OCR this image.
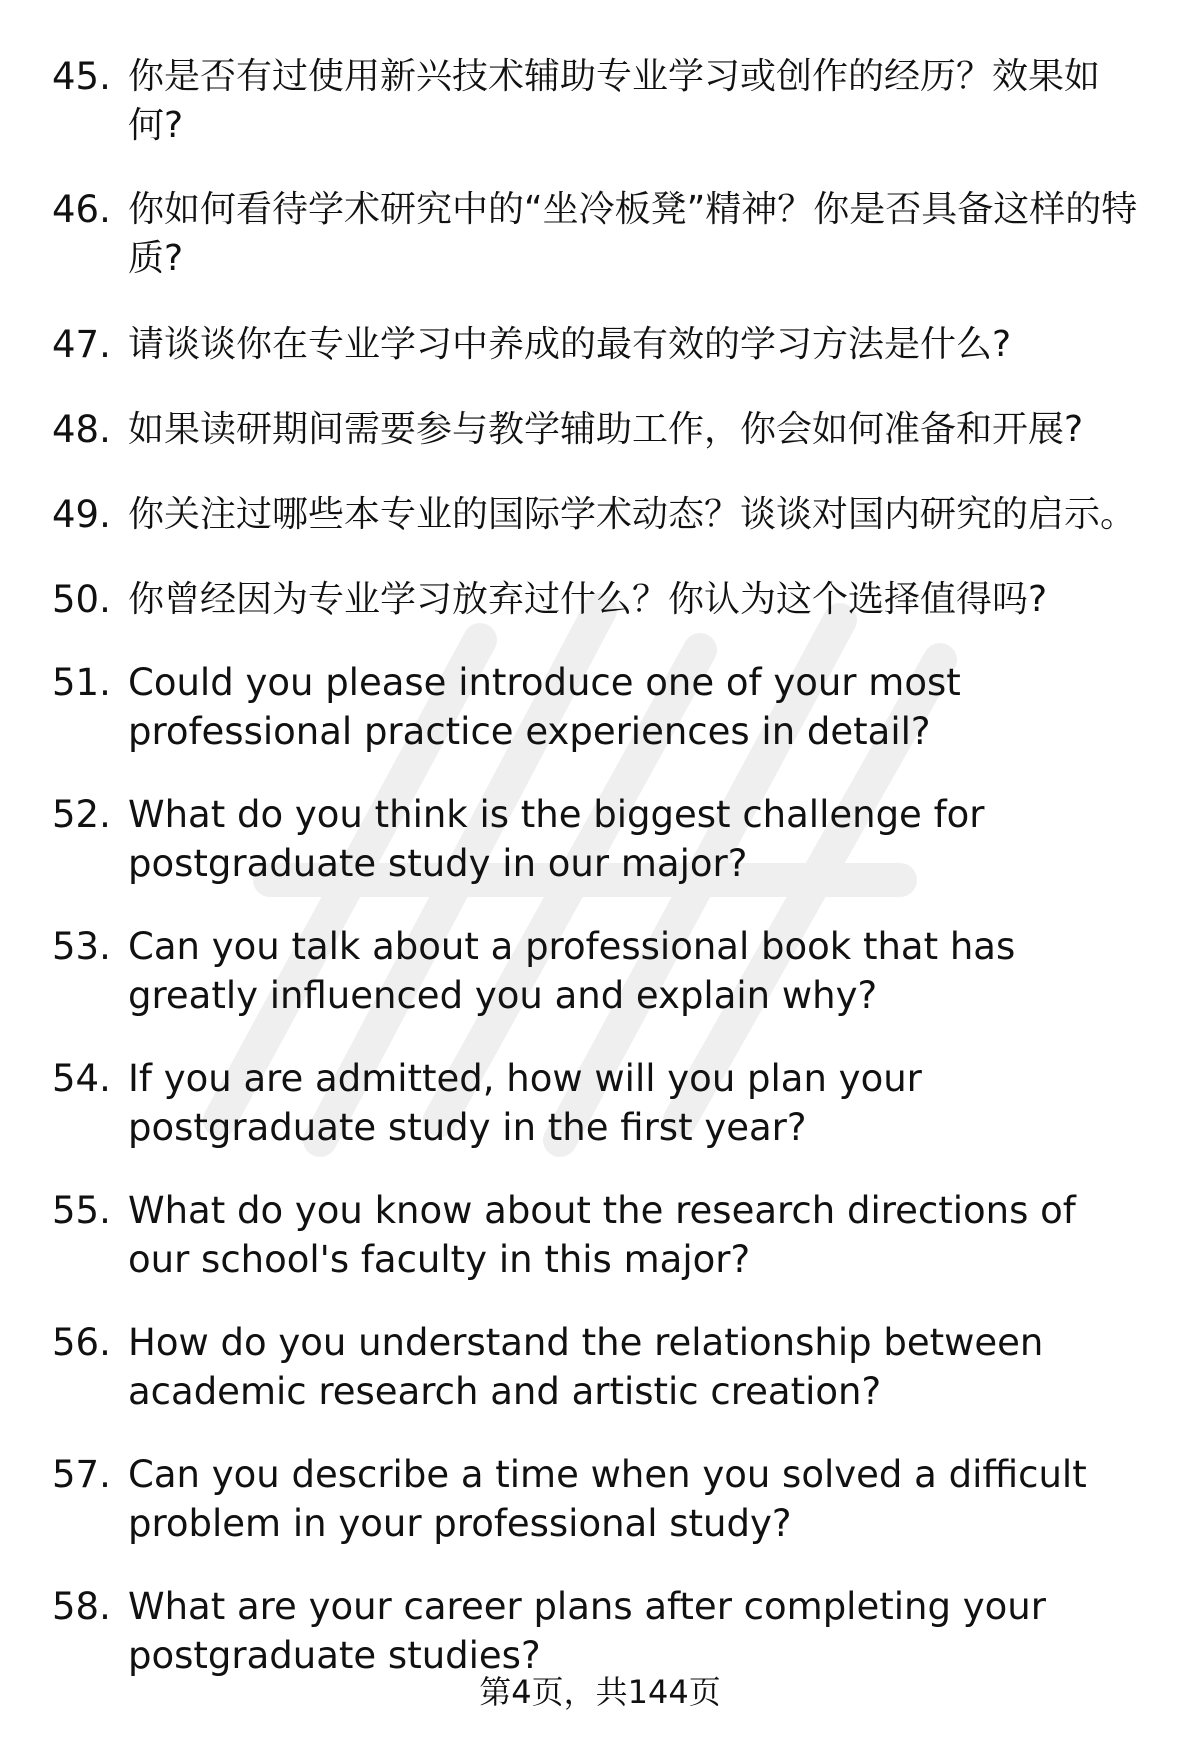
45. 你是否有过使用新兴技术辅助专业学习或创作的经历？效果如何?
46. 你如何看待学术研究中的“坐冷板凳”精神？你是否具备这样的特质?
47. 请谈谈你在专业学习中养成的最有效的学习方法是什么?
48. 如果读研期间需要参与教学辅助工作，你会如何准备和开展?
49. 你关注过哪些本专业的国际学术动态？谈谈对国内研究的启示。
50. 你曾经因为专业学习放弃过什么？你认为这个选择值得吗?
51. Could you please introduce one of your most professional practice experiences in detail?
52. What do you think is the biggest challenge for postgraduate study in our major?
53. Can you talk about a professional book that has greatly influenced you and explain why?
54. If you are admitted, how will you plan your postgraduate study in the first year?
55. What do you know about the research directions of our school's faculty in this major?
56. How do you understand the relationship between academic research and artistic creation?
57. Can you describe a time when you solved a difficult problem in your professional study?
58. What are your career plans after completing your postgraduate studies?
第4页，共144页
